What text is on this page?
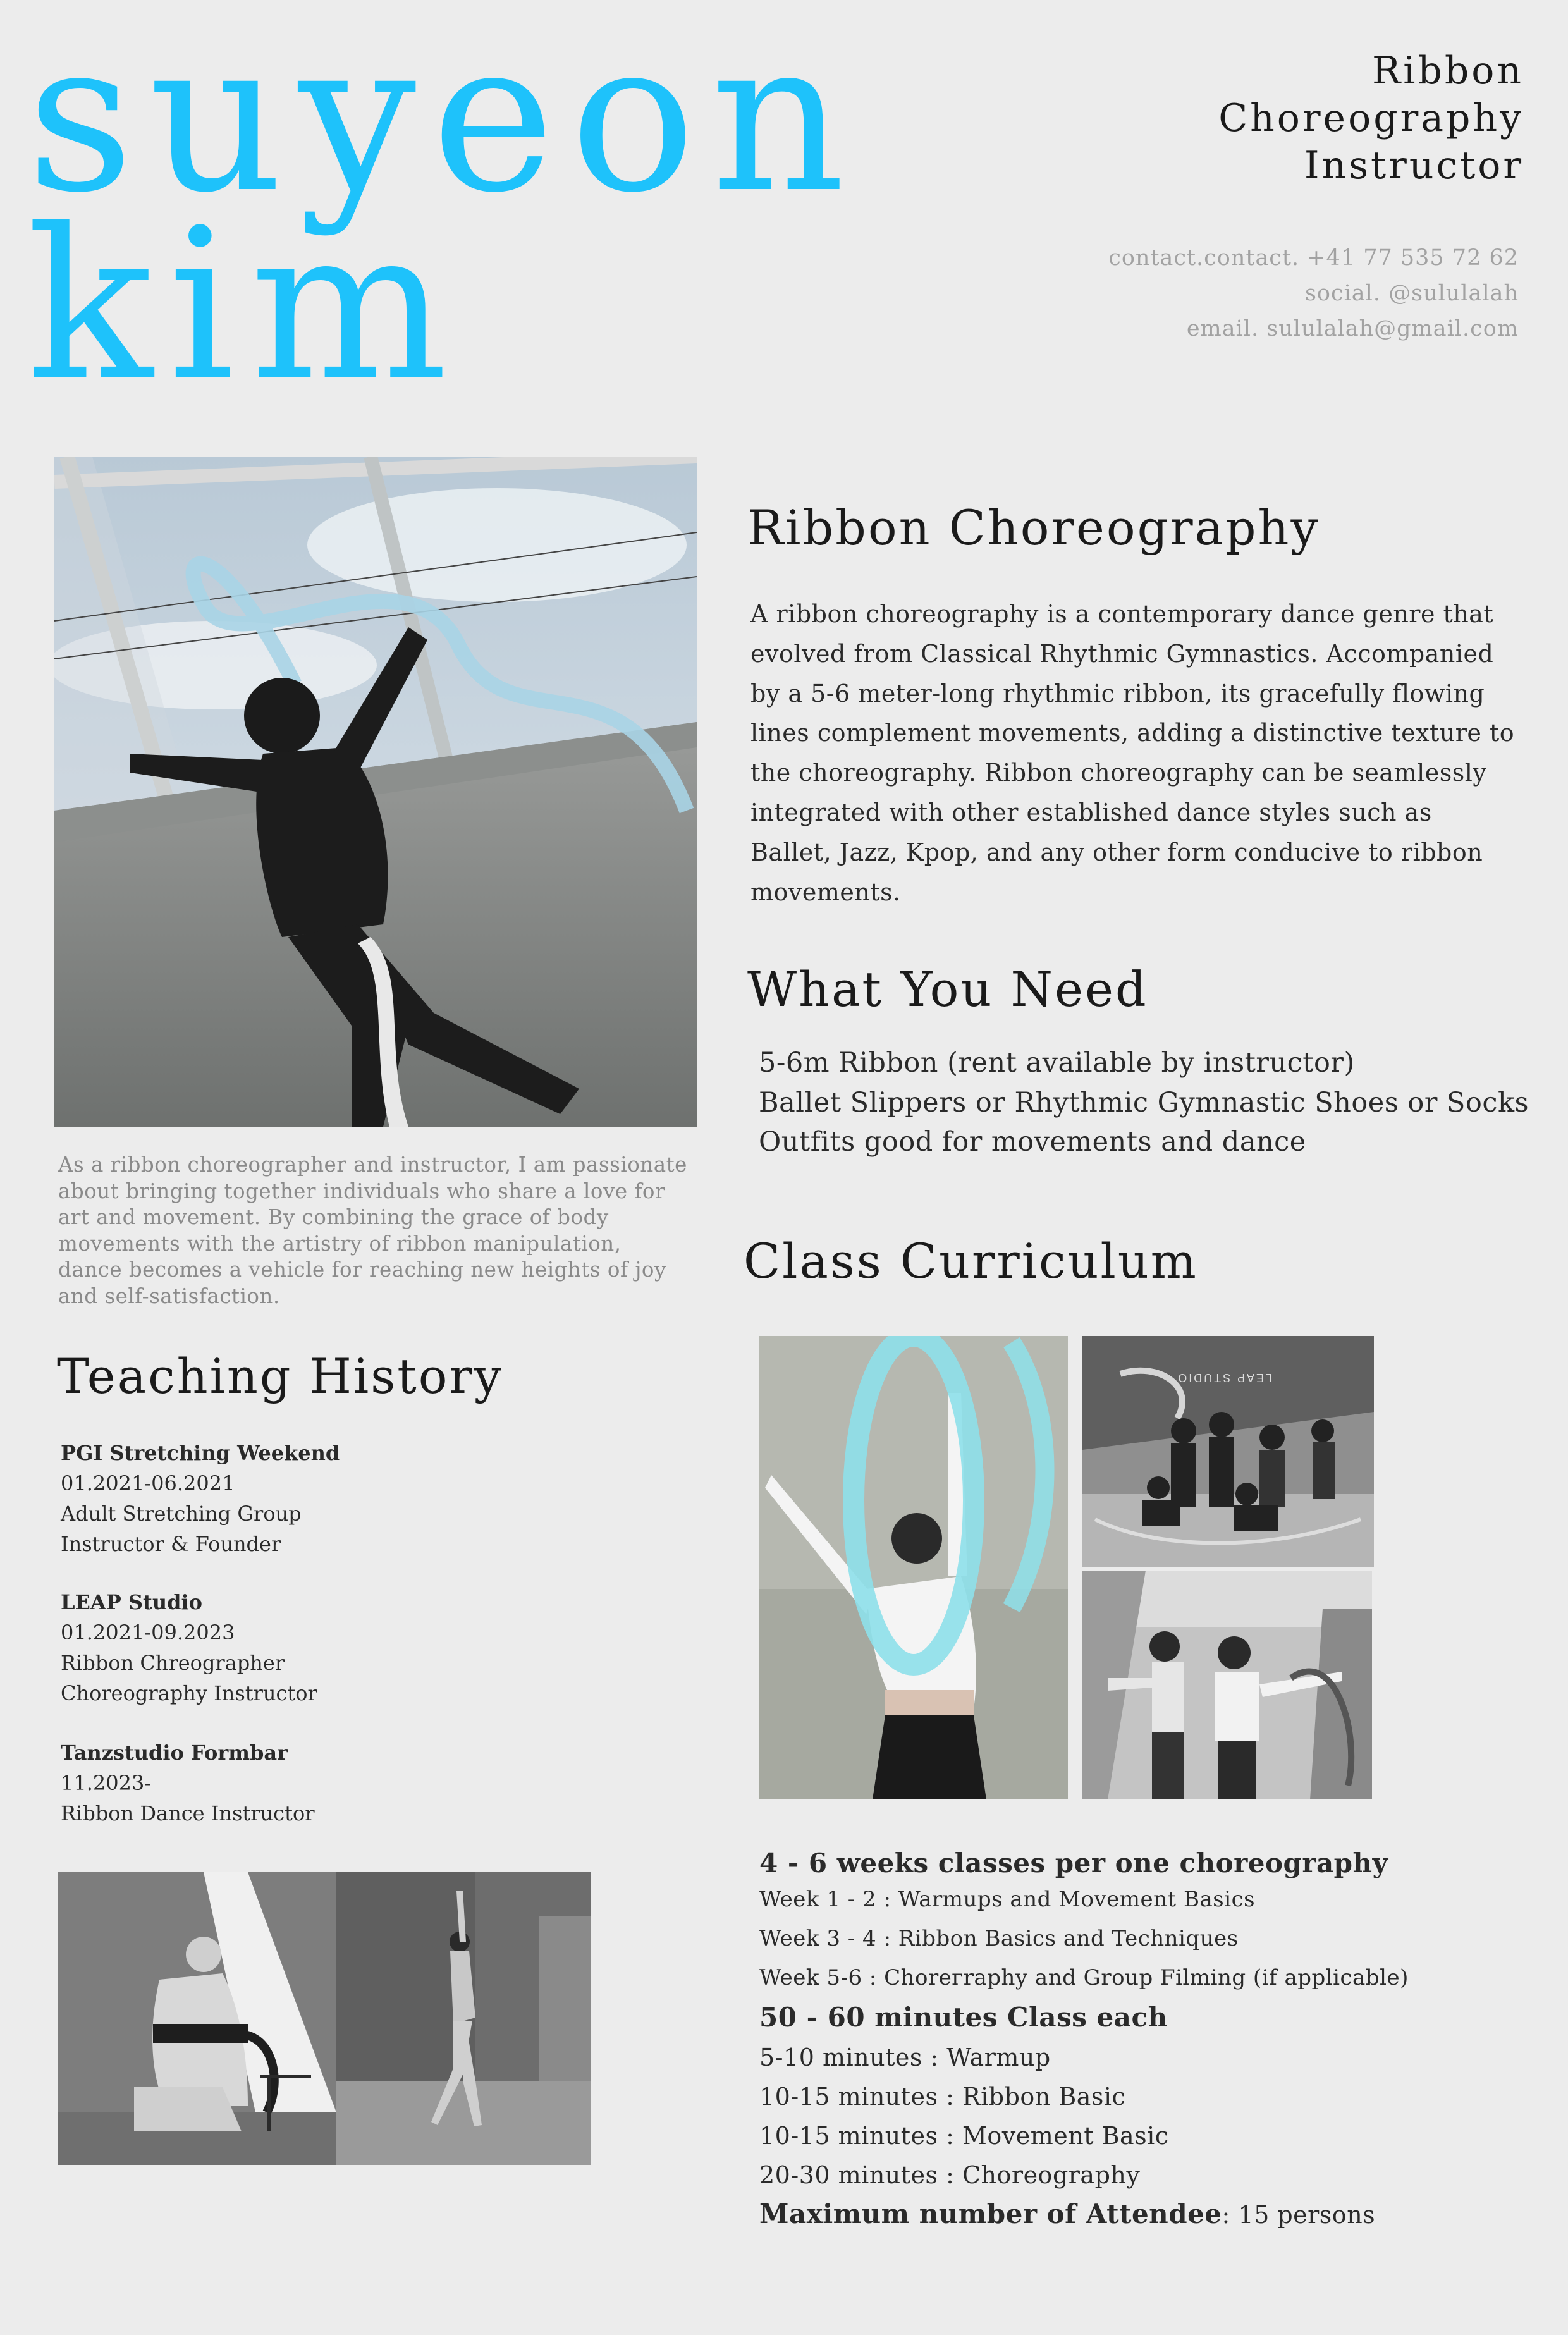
suyeon
kim
Ribbon
Choreography
Instructor
contact.contact. +41 77 535 72 62
social. @sululalah
email. sululalah@gmail.com
As a ribbon choreographer and instructor, I am passionate about bringing together individuals who share a love for art and movement. By combining the grace of body movements with the artistry of ribbon manipulation, dance becomes a vehicle for reaching new heights of joy and self-satisfaction.
Ribbon Choreography
A ribbon choreography is a contemporary dance genre that evolved from Classical Rhythmic Gymnastics. Accompanied by a 5-6 meter-long rhythmic ribbon, its gracefully flowing lines complement movements, adding a distinctive texture to the choreography. Ribbon choreography can be seamlessly integrated with other established dance styles such as Ballet, Jazz, Kpop, and any other form conducive to ribbon movements.
What You Need
5-6m Ribbon (rent available by instructor)
Ballet Slippers or Rhythmic Gymnastic Shoes or Socks
Outfits good for movements and dance
Class Curriculum
LEAP STUDIO
Teaching History
PGI Stretching Weekend
01.2021-06.2021
Adult Stretching Group
Instructor & Founder
LEAP Studio
01.2021-09.2023
Ribbon Chreographer
Choreography Instructor
Tanzstudio Formbar
11.2023-
Ribbon Dance Instructor
4 - 6 weeks classes per one choreography
Week 1 - 2 : Warmups and Movement Basics
Week 3 - 4 : Ribbon Basics and Techniques
Week 5-6 : Chorегraphy and Group Filming (if applicable)
50 - 60 minutes Class each
5-10 minutes : Warmup
10-15 minutes : Ribbon Basic
10-15 minutes : Movement Basic
20-30 minutes : Choreography
Maximum number of Attendee: 15 persons
